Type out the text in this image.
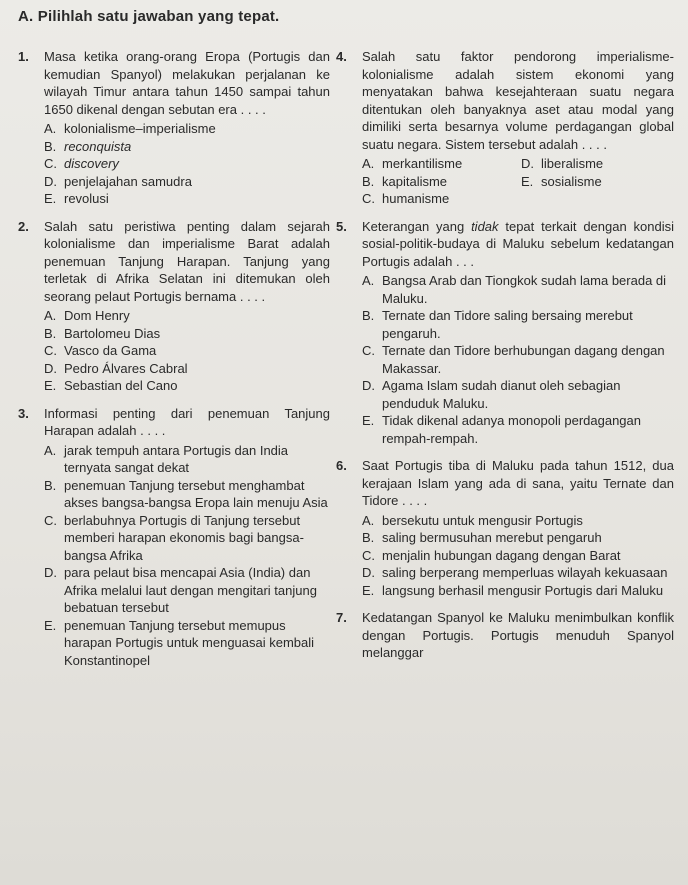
A. Pilihlah satu jawaban yang tepat.
1. Masa ketika orang-orang Eropa (Portugis dan kemudian Spanyol) melakukan perjalanan ke wilayah Timur antara tahun 1450 sampai tahun 1650 dikenal dengan sebutan era . . . .
A. kolonialisme–imperialisme
B. reconquista
C. discovery
D. penjelajahan samudra
E. revolusi
2. Salah satu peristiwa penting dalam sejarah kolonialisme dan imperialisme Barat adalah penemuan Tanjung Harapan. Tanjung yang terletak di Afrika Selatan ini ditemukan oleh seorang pelaut Portugis bernama . . . .
A. Dom Henry
B. Bartolomeu Dias
C. Vasco da Gama
D. Pedro Álvares Cabral
E. Sebastian del Cano
3. Informasi penting dari penemuan Tanjung Harapan adalah . . . .
A. jarak tempuh antara Portugis dan India ternyata sangat dekat
B. penemuan Tanjung tersebut menghambat akses bangsa-bangsa Eropa lain menuju Asia
C. berlabuhnya Portugis di Tanjung tersebut memberi harapan ekonomis bagi bangsa-bangsa Afrika
D. para pelaut bisa mencapai Asia (India) dan Afrika melalui laut dengan mengitari tanjung bebatuan tersebut
E. penemuan Tanjung tersebut memupus harapan Portugis untuk menguasai kembali Konstantinopel
4. Salah satu faktor pendorong imperialisme-kolonialisme adalah sistem ekonomi yang menyatakan bahwa kesejahteraan suatu negara ditentukan oleh banyaknya aset atau modal yang dimiliki serta besarnya volume perdagangan global suatu negara. Sistem tersebut adalah . . . .
A. merkantilisme	D. liberalisme
B. kapitalisme	E. sosialisme
C. humanisme
5. Keterangan yang tidak tepat terkait dengan kondisi sosial-politik-budaya di Maluku sebelum kedatangan Portugis adalah . . .
A. Bangsa Arab dan Tiongkok sudah lama berada di Maluku.
B. Ternate dan Tidore saling bersaing merebut pengaruh.
C. Ternate dan Tidore berhubungan dagang dengan Makassar.
D. Agama Islam sudah dianut oleh sebagian penduduk Maluku.
E. Tidak dikenal adanya monopoli perdagangan rempah-rempah.
6. Saat Portugis tiba di Maluku pada tahun 1512, dua kerajaan Islam yang ada di sana, yaitu Ternate dan Tidore . . . .
A. bersekutu untuk mengusir Portugis
B. saling bermusuhan merebut pengaruh
C. menjalin hubungan dagang dengan Barat
D. saling berperang memperluas wilayah kekuasaan
E. langsung berhasil mengusir Portugis dari Maluku
7. Kedatangan Spanyol ke Maluku menimbulkan konflik dengan Portugis. Portugis menuduh Spanyol melanggar
